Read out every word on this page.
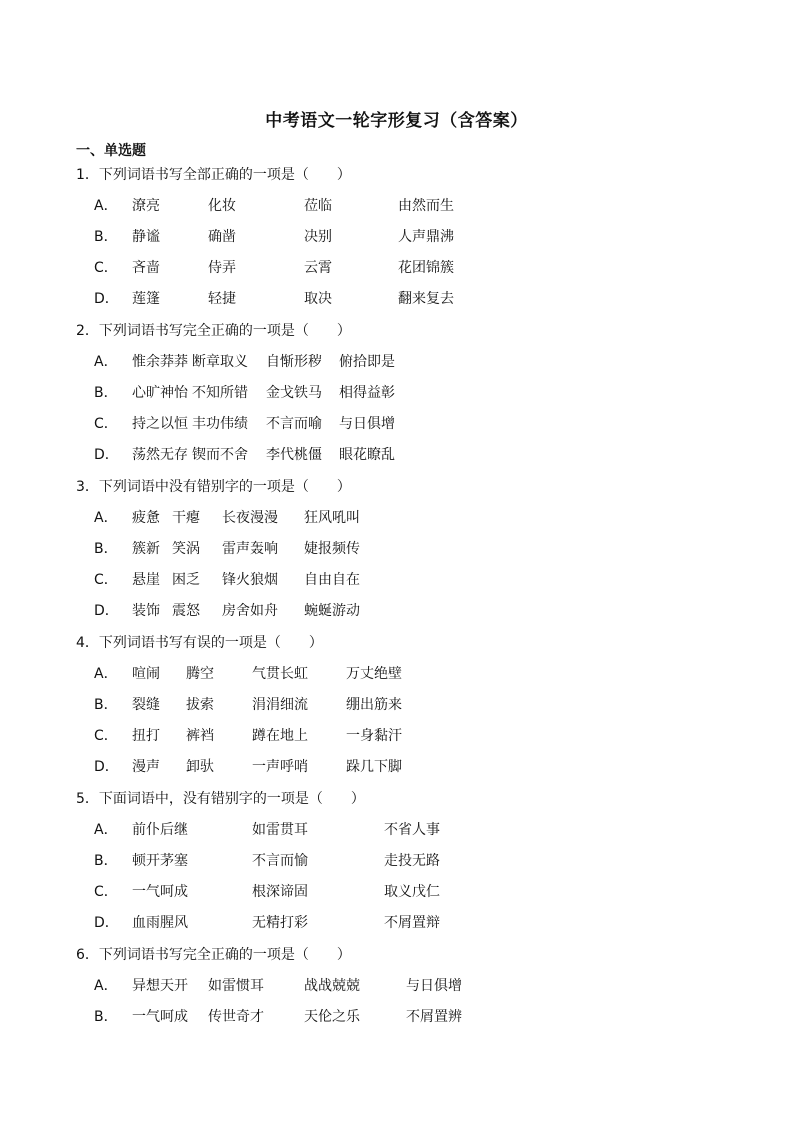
中考语文一轮字形复习（含答案）
一、单选题
1．下列词语书写全部正确的一项是（　　）
A． 潦亮	化妆	莅临	由然而生
B． 静谧	确凿	决别	人声鼎沸
C． 吝啬	侍弄	云霄	花团锦簇
D． 莲篷	轻捷	取决	翻来复去
2．下列词语书写完全正确的一项是（　　）
A． 惟余莽莽 断章取义 自惭形秽 俯拾即是
B． 心旷神怡 不知所错 金戈铁马 相得益彰
C． 持之以恒 丰功伟绩 不言而喻 与日俱增
D． 荡然无存 锲而不舍 李代桃僵 眼花瞭乱
3．下列词语中没有错别字的一项是（　　）
A． 疲惫 干瘪 长夜漫漫 狂风吼叫
B． 簇新 笑涡 雷声轰响 婕报频传
C． 悬崖 困乏 锋火狼烟 自由自在
D． 装饰 震怒 房舍如舟 蜿蜒游动
4．下列词语书写有误的一项是（　　）
A． 喧闹 腾空	气贯长虹	万丈绝壁
B． 裂缝 拔索	涓涓细流	绷出筋来
C． 扭打 裤裆	蹲在地上	一身黏汗
D． 漫声 卸驮	一声呼哨	跺几下脚
5．下面词语中，没有错别字的一项是（　　）
A． 前仆后继	如雷贯耳	不省人事
B． 顿开茅塞	不言而愉	走投无路
C． 一气呵成	根深谛固	取义戊仁
D． 血雨腥风	无精打彩	不屑置辩
6．下列词语书写完全正确的一项是（　　）
A． 异想天开 如雷惯耳	战战兢兢	与日俱增
B． 一气呵成 传世奇才	天伦之乐	不屑置辨
